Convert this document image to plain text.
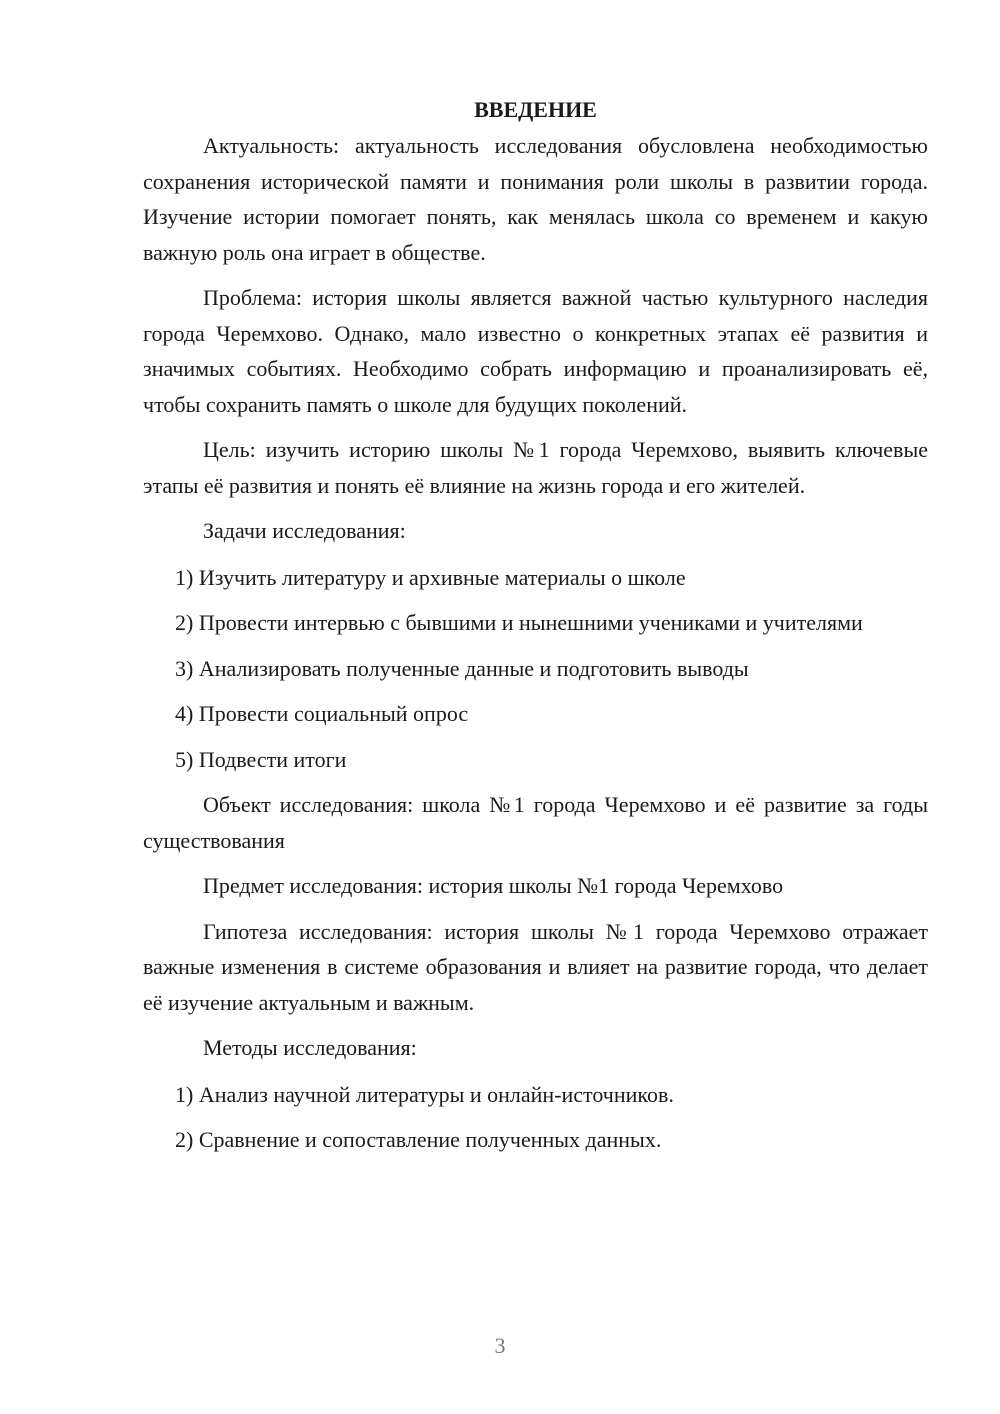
ВВЕДЕНИЕ

Актуальность: актуальность исследования обусловлена необходимостью сохранения исторической памяти и понимания роли школы в развитии города. Изучение истории помогает понять, как менялась школа со временем и какую важную роль она играет в обществе.

Проблема: история школы является важной частью культурного наследия города Черемхово. Однако, мало известно о конкретных этапах её развития и значимых событиях. Необходимо собрать информацию и проанализировать её, чтобы сохранить память о школе для будущих поколений.

Цель: изучить историю школы №1 города Черемхово, выявить ключевые этапы её развития и понять её влияние на жизнь города и его жителей.

Задачи исследования:

1) Изучить литературу и архивные материалы о школе

2) Провести интервью с бывшими и нынешними учениками и учителями

3) Анализировать полученные данные и подготовить выводы

4) Провести социальный опрос

5) Подвести итоги

Объект исследования: школа №1 города Черемхово и её развитие за годы существования

Предмет исследования: история школы №1 города Черемхово

Гипотеза исследования: история школы №1 города Черемхово отражает важные изменения в системе образования и влияет на развитие города, что делает её изучение актуальным и важным.

Методы исследования:

1) Анализ научной литературы и онлайн-источников.

2) Сравнение и сопоставление полученных данных.

3
